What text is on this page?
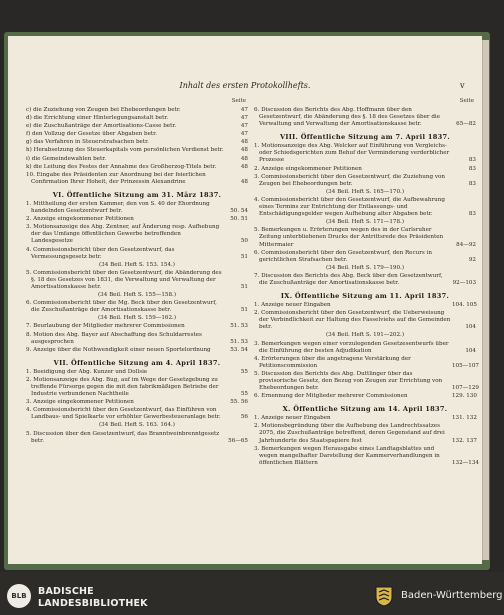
Inhalt des ersten Protokollhefts.	v
Seite
c) die Zuziehung von Zeugen bei Ehebeordungen betr.	47
d) die Errichtung einer Hinterlegungsanstalt betr.	47
e) die Zuschußanträge der Amortisations-Casse betr.	47
f) den Vollzug der Gesetze über Abgaben betr.	47
g) das Verfahren in Steuerstrafsachen betr.	48
h) Herabsetzung des Steuerkapitals vom persönlichen Verdienst betr.	48
i) die Gemeindewahlen betr.	48
k) die Leitung des Festes der Annahme des Großherzog-Titels betr.	48
10. Eingabe des Präsidenten zur Anordnung bei der feierlichen Confirmation Ihrer Hoheit, der Prinzessin Alexandrine	48
VI. Öffentliche Sitzung am 31. März 1837.
1. Mittheilung der ersten Kammer, den von S. 40 der Ehordnung handelnden Gesetzentwurf betr.	50. 54
2. Anzeige eingekommener Petitionen	50. 51
3. Motionsanzeige des Abg. Zentner, auf Änderung resp. Aufhebung der das Umfange öffentlichen Gewerbe betreffenden Landesgesetze	50
4. Commissionsbericht über den Gesetzentwurf, das Vermessungsgesetz betr.	51
(34 Beil. Heft S. 153. 154.)
5. Commissionsbericht über den Gesetzentwurf, die Abänderung des §. 18 des Gesetzes von 1831, die Verwaltung und Verwaltung der Amortisationskasse betr.	51
(34 Beil. Heft S. 155—158.)
6. Commissionsbericht über die Mg. Beck über den Gesetzentwurf, die Zuschußanträge der Amortisationskasse betr.	51
(34 Beil. Heft S. 159—162.)
7. Beurlaubung der Mitglieder mehrerer Commissionen	51. 53
8. Motion des Abg. Bayer auf Abschaffung des Schuldarrestes ausgesprochen	51. 53
9. Anzeige über die Nothwendigkeit einer neuen Sportelordnung	53. 54
VII. Öffentliche Sitzung am 4. April 1837.
1. Beeidigung der Abg. Kunzer und Dollsie	55
2. Motionsanzeige des Abg. Bug, auf im Wege der Gesetzgebung zu treffende Fürsorge gegen die mit den fabrikmäßigen Betriebe der Industrie verbundenen Nachtheile	55
3. Anzeige eingekommener Petitionen	55. 56
4. Commissionsbericht über den Gesetzentwurf, das Einführen von Landbaus- und Spielkarte vor erhöhter Gewerbesteueranlage betr.	56
(34 Beil. Heft S. 163. 164.)
5. Discussion über den Gesetzentwurf, das Branntweinbrenntgesetz betr.	56—65
Seite
6. Discussion des Berichts des Abg. Hoffmann über den Gesetzentwurf, die Abänderung des §. 18 des Gesetzes über die Verwaltung und Verwaltung der Amortisationskasse betr.	65—82
VIII. Öffentliche Sitzung am 7. April 1837.
1. Motionsanzeige des Abg. Welcker auf Einführung von Vergleichs- oder Schiedsgerichten zum Behuf der Verminderung verderblicher Prozesse	83
2. Anzeige eingekommener Petitionen	83
3. Commissionsbericht über den Gesetzentwurf, die Zuziehung von Zeugen bei Ehebeordungen betr.	83
(34 Beil. Heft S. 165—170.)
4. Commissionsbericht über den Gesetzentwurf, die Aufbewahrung eines Termins zur Entrichtung der Entlassungs- und Entschädigungsgelder wegen Aufhebung alter Abgaben betr.	83
(34 Beil. Heft S. 171—178.)
5. Bemerkungen u. Erörterungen wegen des in der Carlsruher Zeitung unterbliebenen Drucks der Antrittsrede des Präsidenten Mittermaier	84—92
6. Commissionsbericht über den Gesetzentwurf, den Recurs in gerichtlichen Strafsachen betr.	92
(34 Beil. Heft S. 179—190.)
7. Discussion des Berichts des Abg. Beck über den Gesetzentwurf, die Zuschußanträge der Amortisationskasse betr.	92—103
IX. Öffentliche Sitzung am 11. April 1837.
1. Anzeige neuer Eingaben	104. 105
2. Commissionsbericht über den Gesetzentwurf, die Ueberweisung der Verbindlichkeit zur Haltung des Fasselviehs auf die Gemeinden betr.	104
(34 Beil. Heft S. 191—202.)
3. Bemerkungen wegen einer vorzulegenden Gesetzesentwurfs über die Einführung der besten Adjudikation	104
4. Erörterungen über die angetragene Verstärkung der Petitionscommission	105—107
5. Discussion des Berichts des Abg. Duttlinger über das provisorische Gesetz, den Bezug von Zeugen zur Errichtung von Ehebeordungen betr.	107—129
6. Ernennung der Mitglieder mehrerer Commissionen	129. 130
X. Öffentliche Sitzung am 14. April 1837.
1. Anzeige neuer Eingaben	131. 132
2. Motionsbegründung über die Aufhebung des Landrechtssatzes 2075, die Zuschußanträge betreffend, deren Gegenstand auf drei Jahrhunderte des Staatspapiere fest	132. 137
3. Bemerkungen wegen Herausgabe eines Landtagsblattes und wegen mangelhafter Darstellung der Kammerverhandlungen in öffentlichen Blättern	132—134
BLB BADISCHE
LANDESBIBLIOTHEK
Baden-Württemberg
